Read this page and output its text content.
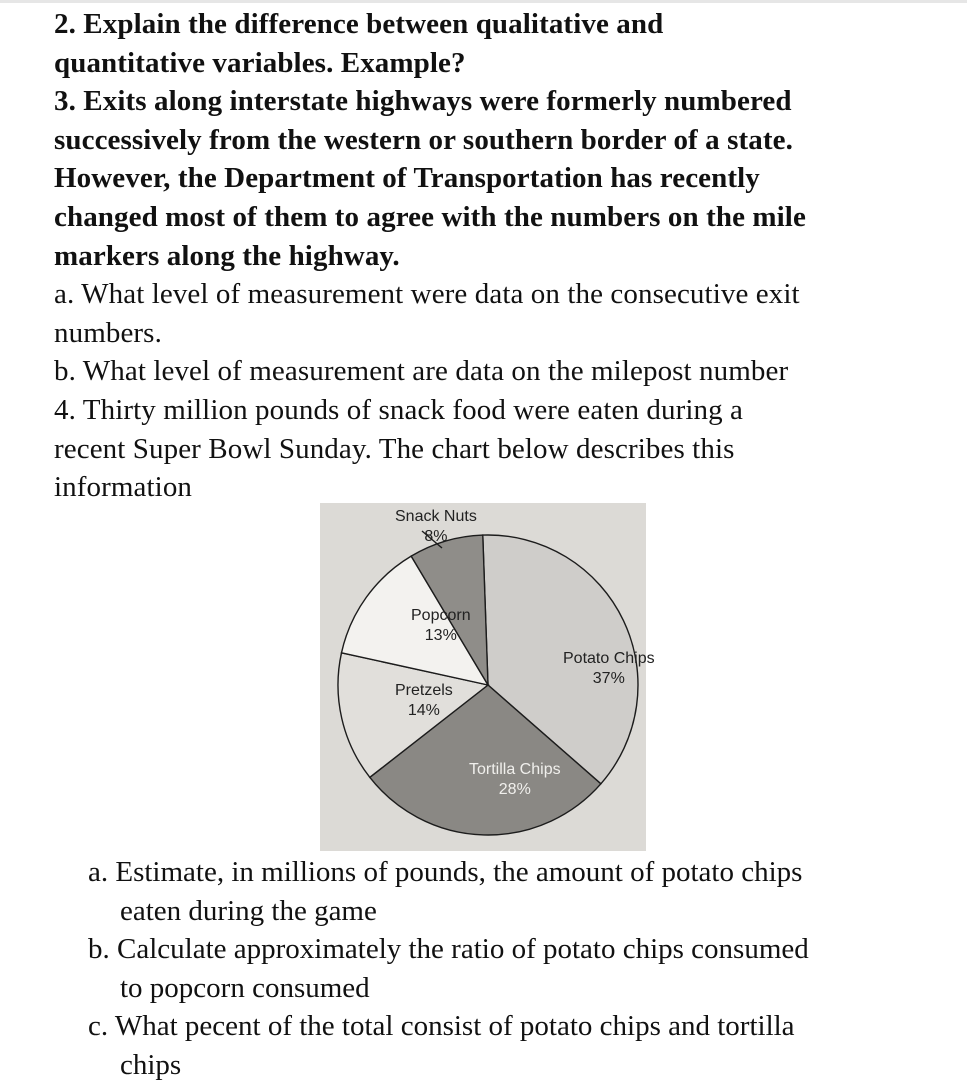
2. Explain the difference between qualitative and
quantitative variables. Example?
3. Exits along interstate highways were formerly numbered
successively from the western or southern border of a state.
However, the Department of Transportation has recently
changed most of them to agree with the numbers on the mile
markers along the highway.
a. What level of measurement were data on the consecutive exit
numbers.
b. What level of measurement are data on the milepost number
4. Thirty million pounds of snack food were eaten during a
recent Super Bowl Sunday. The chart below describes this
information
Potato Chips
37%
Tortilla Chips
28%
Pretzels
14%
Popcorn
13%
Snack Nuts
8%
a. Estimate, in millions of pounds, the amount of potato chips
eaten during the game
b. Calculate approximately the ratio of potato chips consumed
to popcorn consumed
c. What pecent of the total consist of potato chips and tortilla
chips
